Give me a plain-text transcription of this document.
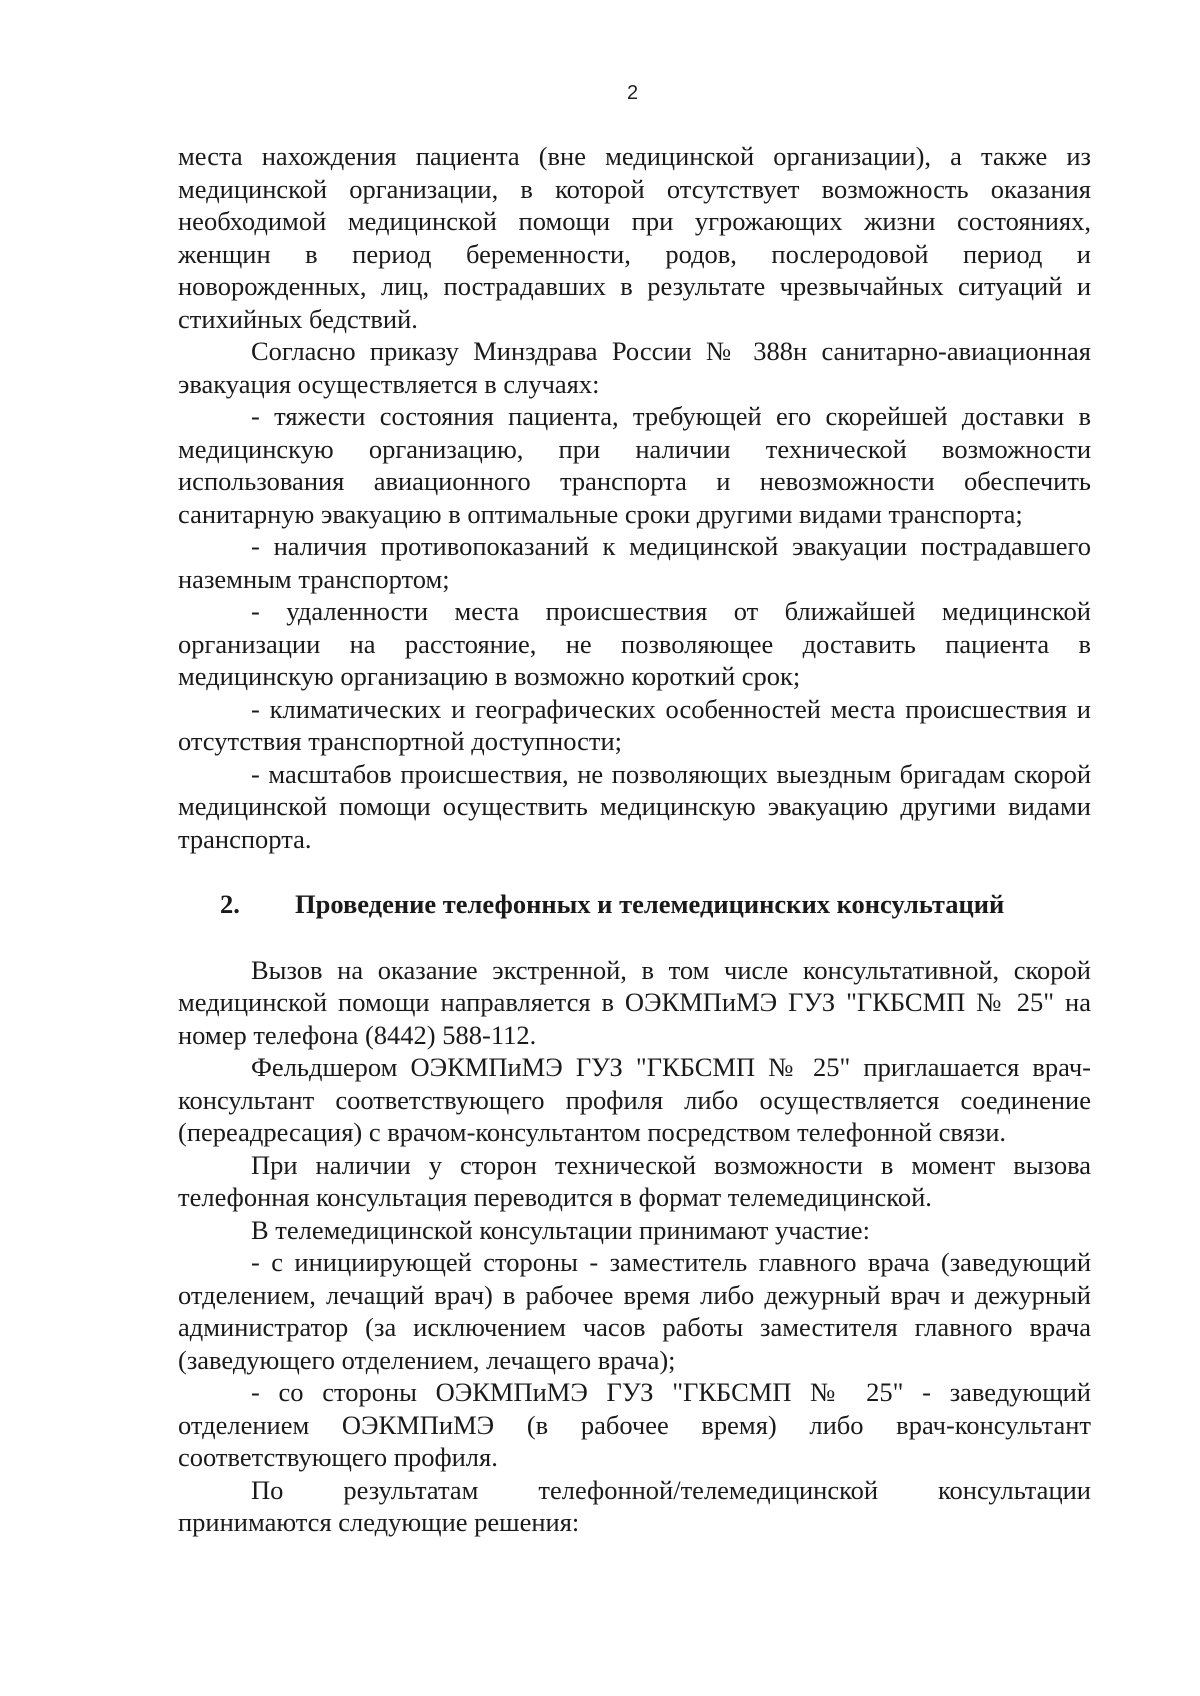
2

места нахождения пациента (вне медицинской организации), а также из медицинской организации, в которой отсутствует возможность оказания необходимой медицинской помощи при угрожающих жизни состояниях, женщин в период беременности, родов, послеродовой период и новорожденных, лиц, пострадавших в результате чрезвычайных ситуаций и стихийных бедствий.

Согласно приказу Минздрава России № 388н санитарно-авиационная эвакуация осуществляется в случаях:

- тяжести состояния пациента, требующей его скорейшей доставки в медицинскую организацию, при наличии технической возможности использования авиационного транспорта и невозможности обеспечить санитарную эвакуацию в оптимальные сроки другими видами транспорта;

- наличия противопоказаний к медицинской эвакуации пострадавшего наземным транспортом;

- удаленности места происшествия от ближайшей медицинской организации на расстояние, не позволяющее доставить пациента в медицинскую организацию в возможно короткий срок;

- климатических и географических особенностей места происшествия и отсутствия транспортной доступности;

- масштабов происшествия, не позволяющих выездным бригадам скорой медицинской помощи осуществить медицинскую эвакуацию другими видами транспорта.

2.	Проведение телефонных и телемедицинских консультаций

Вызов на оказание экстренной, в том числе консультативной, скорой медицинской помощи направляется в ОЭКМПиМЭ ГУЗ "ГКБСМП № 25" на номер телефона (8442) 588-112.

Фельдшером ОЭКМПиМЭ ГУЗ "ГКБСМП № 25" приглашается врач-консультант соответствующего профиля либо осуществляется соединение (переадресация) с врачом-консультантом посредством телефонной связи.

При наличии у сторон технической возможности в момент вызова телефонная консультация переводится в формат телемедицинской.

В телемедицинской консультации принимают участие:

- с инициирующей стороны - заместитель главного врача (заведующий отделением, лечащий врач) в рабочее время либо дежурный врач и дежурный администратор (за исключением часов работы заместителя главного врача (заведующего отделением, лечащего врача);

- со стороны ОЭКМПиМЭ ГУЗ "ГКБСМП № 25" - заведующий отделением ОЭКМПиМЭ (в рабочее время) либо врач-консультант соответствующего профиля.

По результатам телефонной/телемедицинской консультации принимаются следующие решения:
